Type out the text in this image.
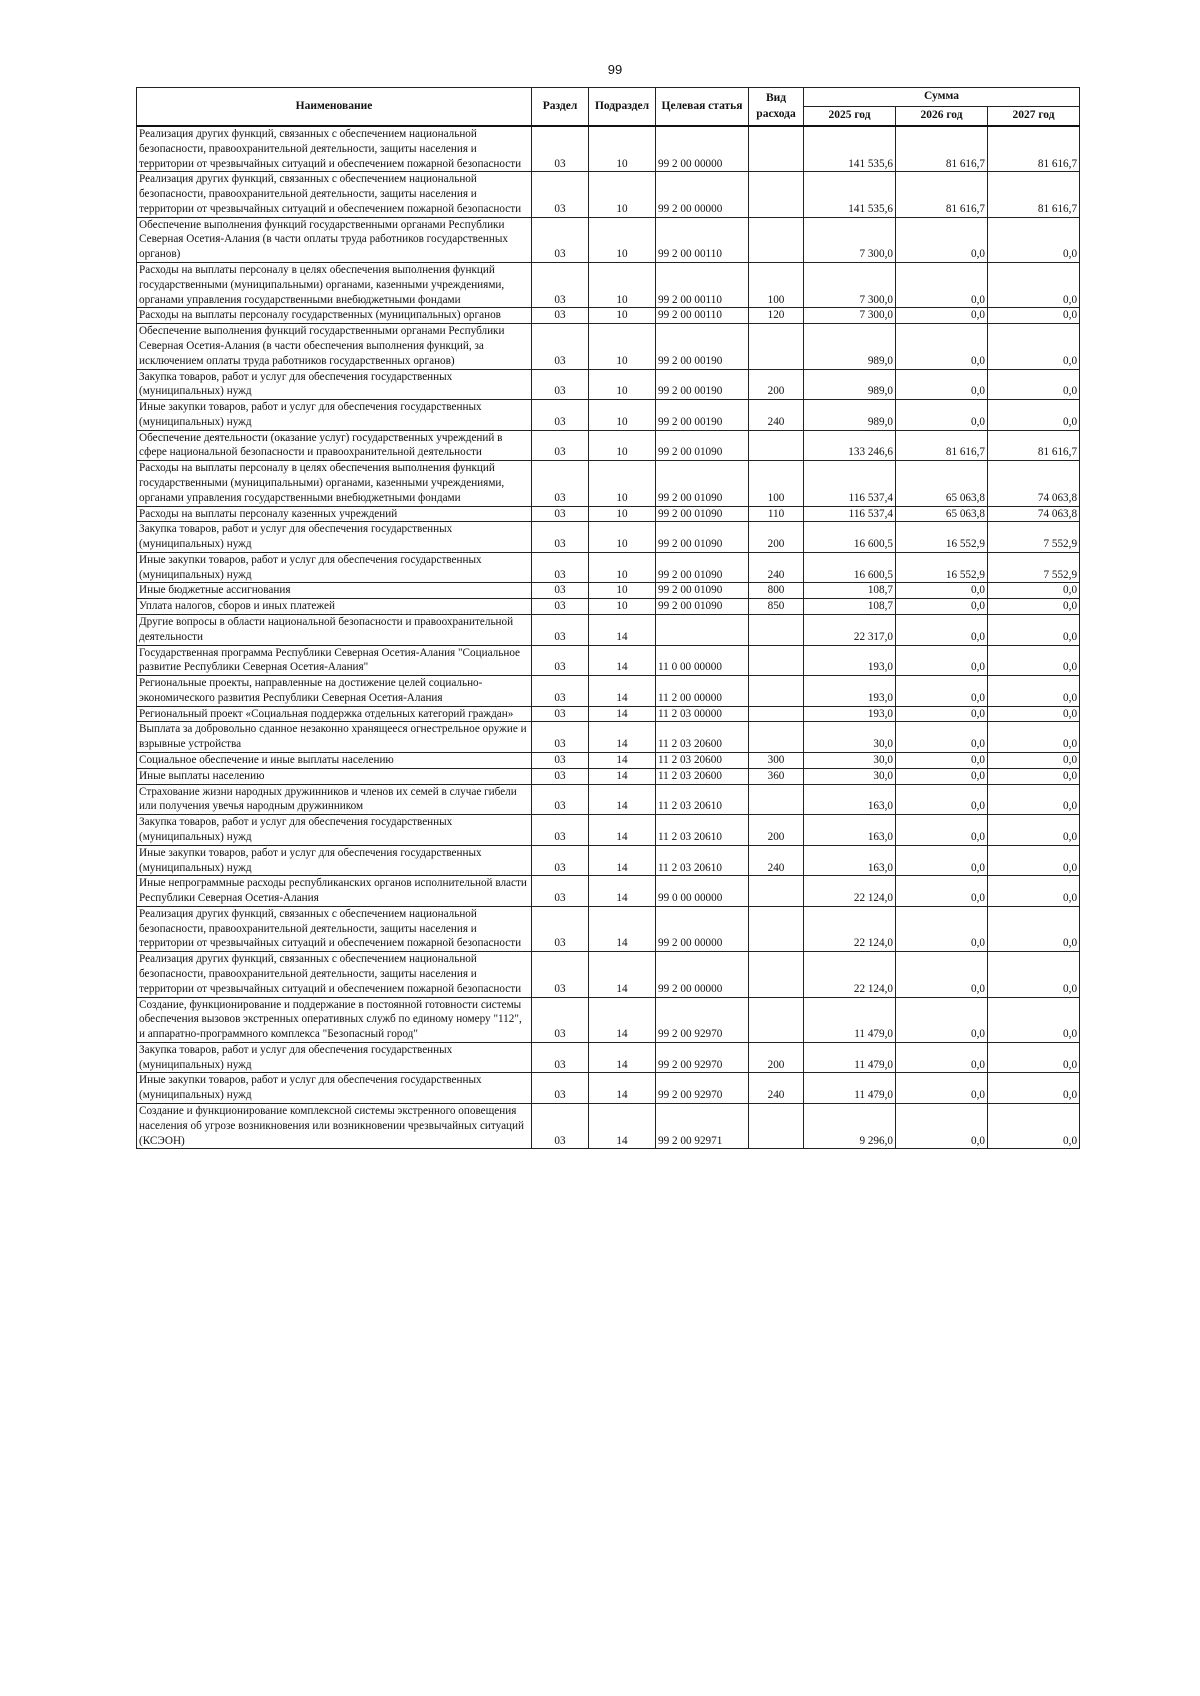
99
Наименование	Раздел	Подраздел	Целевая статья	Вид расхода	Сумма		
					2025 год	2026 год	2027 год
Реализация других функций, связанных с обеспечением национальной безопасности, правоохранительной деятельности, защиты населения и территории от чрезвычайных ситуаций и обеспечением пожарной безопасности	03	10	99 2 00 00000		141 535,6	81 616,7	81 616,7
Реализация других функций, связанных с обеспечением национальной безопасности, правоохранительной деятельности, защиты населения и территории от чрезвычайных ситуаций и обеспечением пожарной безопасности	03	10	99 2 00 00000		141 535,6	81 616,7	81 616,7
Обеспечение выполнения функций государственными органами Республики Северная Осетия-Алания (в части оплаты труда работников государственных органов)	03	10	99 2 00 00110		7 300,0	0,0	0,0
Расходы на выплаты персоналу в целях обеспечения выполнения функций государственными (муниципальными) органами, казенными учреждениями, органами управления государственными внебюджетными фондами	03	10	99 2 00 00110	100	7 300,0	0,0	0,0
Расходы на выплаты персоналу государственных (муниципальных) органов	03	10	99 2 00 00110	120	7 300,0	0,0	0,0
Обеспечение выполнения функций государственными органами Республики Северная Осетия-Алания (в части обеспечения выполнения функций, за исключением оплаты труда работников государственных органов)	03	10	99 2 00 00190		989,0	0,0	0,0
Закупка товаров, работ и услуг для обеспечения государственных (муниципальных) нужд	03	10	99 2 00 00190	200	989,0	0,0	0,0
Иные закупки товаров, работ и услуг для обеспечения государственных (муниципальных) нужд	03	10	99 2 00 00190	240	989,0	0,0	0,0
Обеспечение деятельности (оказание услуг) государственных учреждений в сфере национальной безопасности и правоохранительной деятельности	03	10	99 2 00 01090		133 246,6	81 616,7	81 616,7
Расходы на выплаты персоналу в целях обеспечения выполнения функций государственными (муниципальными) органами, казенными учреждениями, органами управления государственными внебюджетными фондами	03	10	99 2 00 01090	100	116 537,4	65 063,8	74 063,8
Расходы на выплаты персоналу казенных учреждений	03	10	99 2 00 01090	110	116 537,4	65 063,8	74 063,8
Закупка товаров, работ и услуг для обеспечения государственных (муниципальных) нужд	03	10	99 2 00 01090	200	16 600,5	16 552,9	7 552,9
Иные закупки товаров, работ и услуг для обеспечения государственных (муниципальных) нужд	03	10	99 2 00 01090	240	16 600,5	16 552,9	7 552,9
Иные бюджетные ассигнования	03	10	99 2 00 01090	800	108,7	0,0	0,0
Уплата налогов, сборов и иных платежей	03	10	99 2 00 01090	850	108,7	0,0	0,0
Другие вопросы в области национальной безопасности и правоохранительной деятельности	03	14			22 317,0	0,0	0,0
Государственная программа Республики Северная Осетия-Алания "Социальное развитие Республики Северная Осетия-Алания"	03	14	11 0 00 00000		193,0	0,0	0,0
Региональные проекты, направленные на достижение целей социально-экономического развития Республики Северная Осетия-Алания	03	14	11 2 00 00000		193,0	0,0	0,0
Региональный проект «Социальная поддержка отдельных категорий граждан»	03	14	11 2 03 00000		193,0	0,0	0,0
Выплата за добровольно сданное незаконно хранящееся огнестрельное оружие и взрывные устройства	03	14	11 2 03 20600		30,0	0,0	0,0
Социальное обеспечение и иные выплаты населению	03	14	11 2 03 20600	300	30,0	0,0	0,0
Иные выплаты населению	03	14	11 2 03 20600	360	30,0	0,0	0,0
Страхование жизни народных дружинников и членов их семей в случае гибели или получения увечья народным дружинником	03	14	11 2 03 20610		163,0	0,0	0,0
Закупка товаров, работ и услуг для обеспечения государственных (муниципальных) нужд	03	14	11 2 03 20610	200	163,0	0,0	0,0
Иные закупки товаров, работ и услуг для обеспечения государственных (муниципальных) нужд	03	14	11 2 03 20610	240	163,0	0,0	0,0
Иные непрограммные расходы республиканских органов исполнительной власти Республики Северная Осетия-Алания	03	14	99 0 00 00000		22 124,0	0,0	0,0
Реализация других функций, связанных с обеспечением национальной безопасности, правоохранительной деятельности, защиты населения и территории от чрезвычайных ситуаций и обеспечением пожарной безопасности	03	14	99 2 00 00000		22 124,0	0,0	0,0
Реализация других функций, связанных с обеспечением национальной безопасности, правоохранительной деятельности, защиты населения и территории от чрезвычайных ситуаций и обеспечением пожарной безопасности	03	14	99 2 00 00000		22 124,0	0,0	0,0
Создание, функционирование и поддержание в постоянной готовности системы обеспечения вызовов экстренных оперативных служб по единому номеру "112", и аппаратно-программного комплекса "Безопасный город"	03	14	99 2 00 92970		11 479,0	0,0	0,0
Закупка товаров, работ и услуг для обеспечения государственных (муниципальных) нужд	03	14	99 2 00 92970	200	11 479,0	0,0	0,0
Иные закупки товаров, работ и услуг для обеспечения государственных (муниципальных) нужд	03	14	99 2 00 92970	240	11 479,0	0,0	0,0
Создание и функционирование комплексной системы экстренного оповещения населения об угрозе возникновения или возникновении чрезвычайных ситуаций (КСЭОН)	03	14	99 2 00 92971		9 296,0	0,0	0,0
